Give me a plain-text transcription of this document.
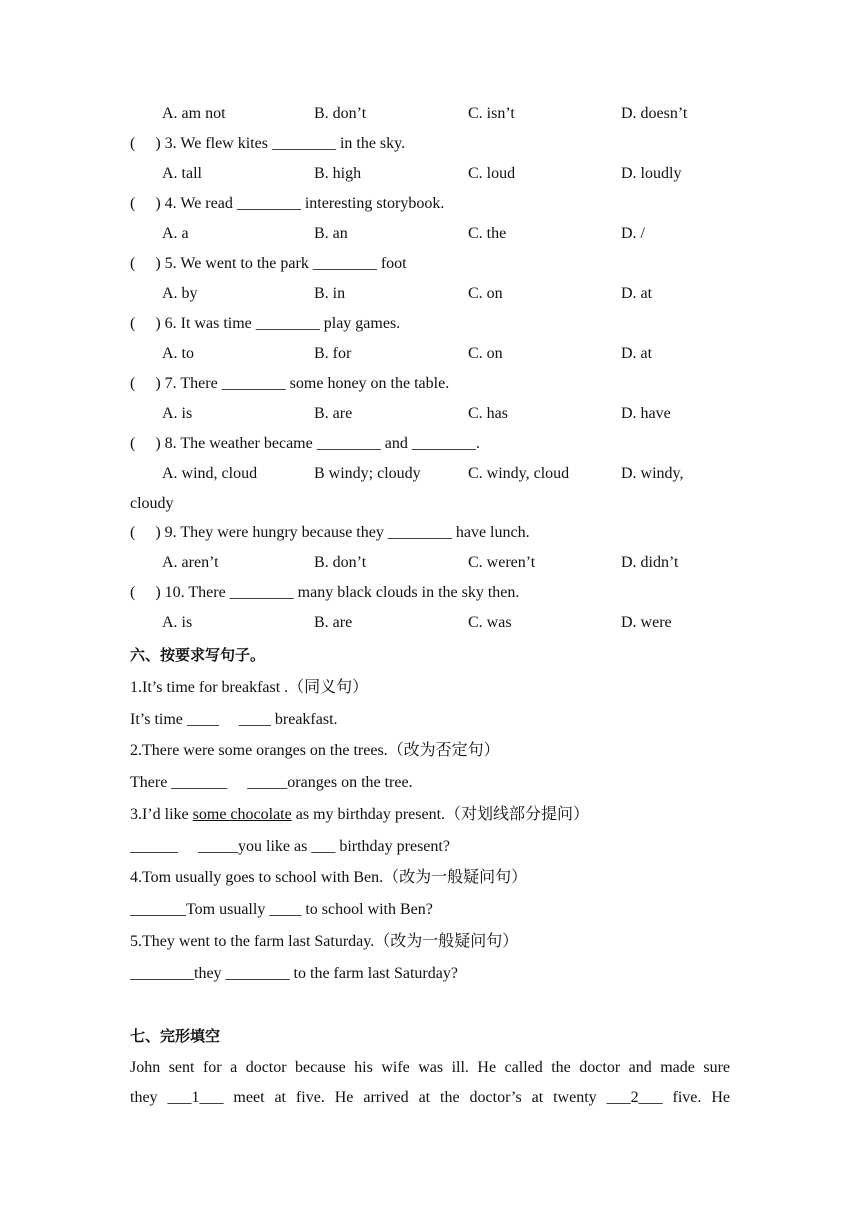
A. am not	B. don’t	C. isn’t	D. doesn’t
(     ) 3. We flew kites ________ in the sky.
A. tall	B. high	C. loud	D. loudly
(     ) 4. We read ________ interesting storybook.
A. a	B. an	C. the	D. /
(     ) 5. We went to the park ________ foot
A. by	B. in	C. on	D. at
(     ) 6. It was time ________ play games.
A. to	B. for	C. on	D. at
(     ) 7. There ________ some honey on the table.
A. is	B. are	C. has	D. have
(     ) 8. The weather became ________ and ________.
A. wind, cloud	B windy; cloudy	C. windy, cloud	D. windy,
cloudy
(     ) 9. They were hungry because they ________ have lunch.
A. aren’t	B. don’t	C. weren’t	D. didn’t
(     ) 10. There ________ many black clouds in the sky then.
A. is	B. are	C. was	D. were
六、按要求写句子。
1.It’s time for breakfast .（同义句）
It’s time ____     ____ breakfast.
2.There were some oranges on the trees.（改为否定句）
There _______     _____oranges on the tree.
3.I’d like some chocolate as my birthday present.（对划线部分提问）
______     _____you like as ___ birthday present?
4.Tom usually goes to school with Ben.（改为一般疑问句）
_______Tom usually ____ to school with Ben?
5.They went to the farm last Saturday.（改为一般疑问句）
________they ________ to the farm last Saturday?
七、完形填空
John sent for a doctor because his wife was ill. He called the doctor and made sure
they ___1___ meet at five. He arrived at the doctor’s at twenty ___2___ five. He
